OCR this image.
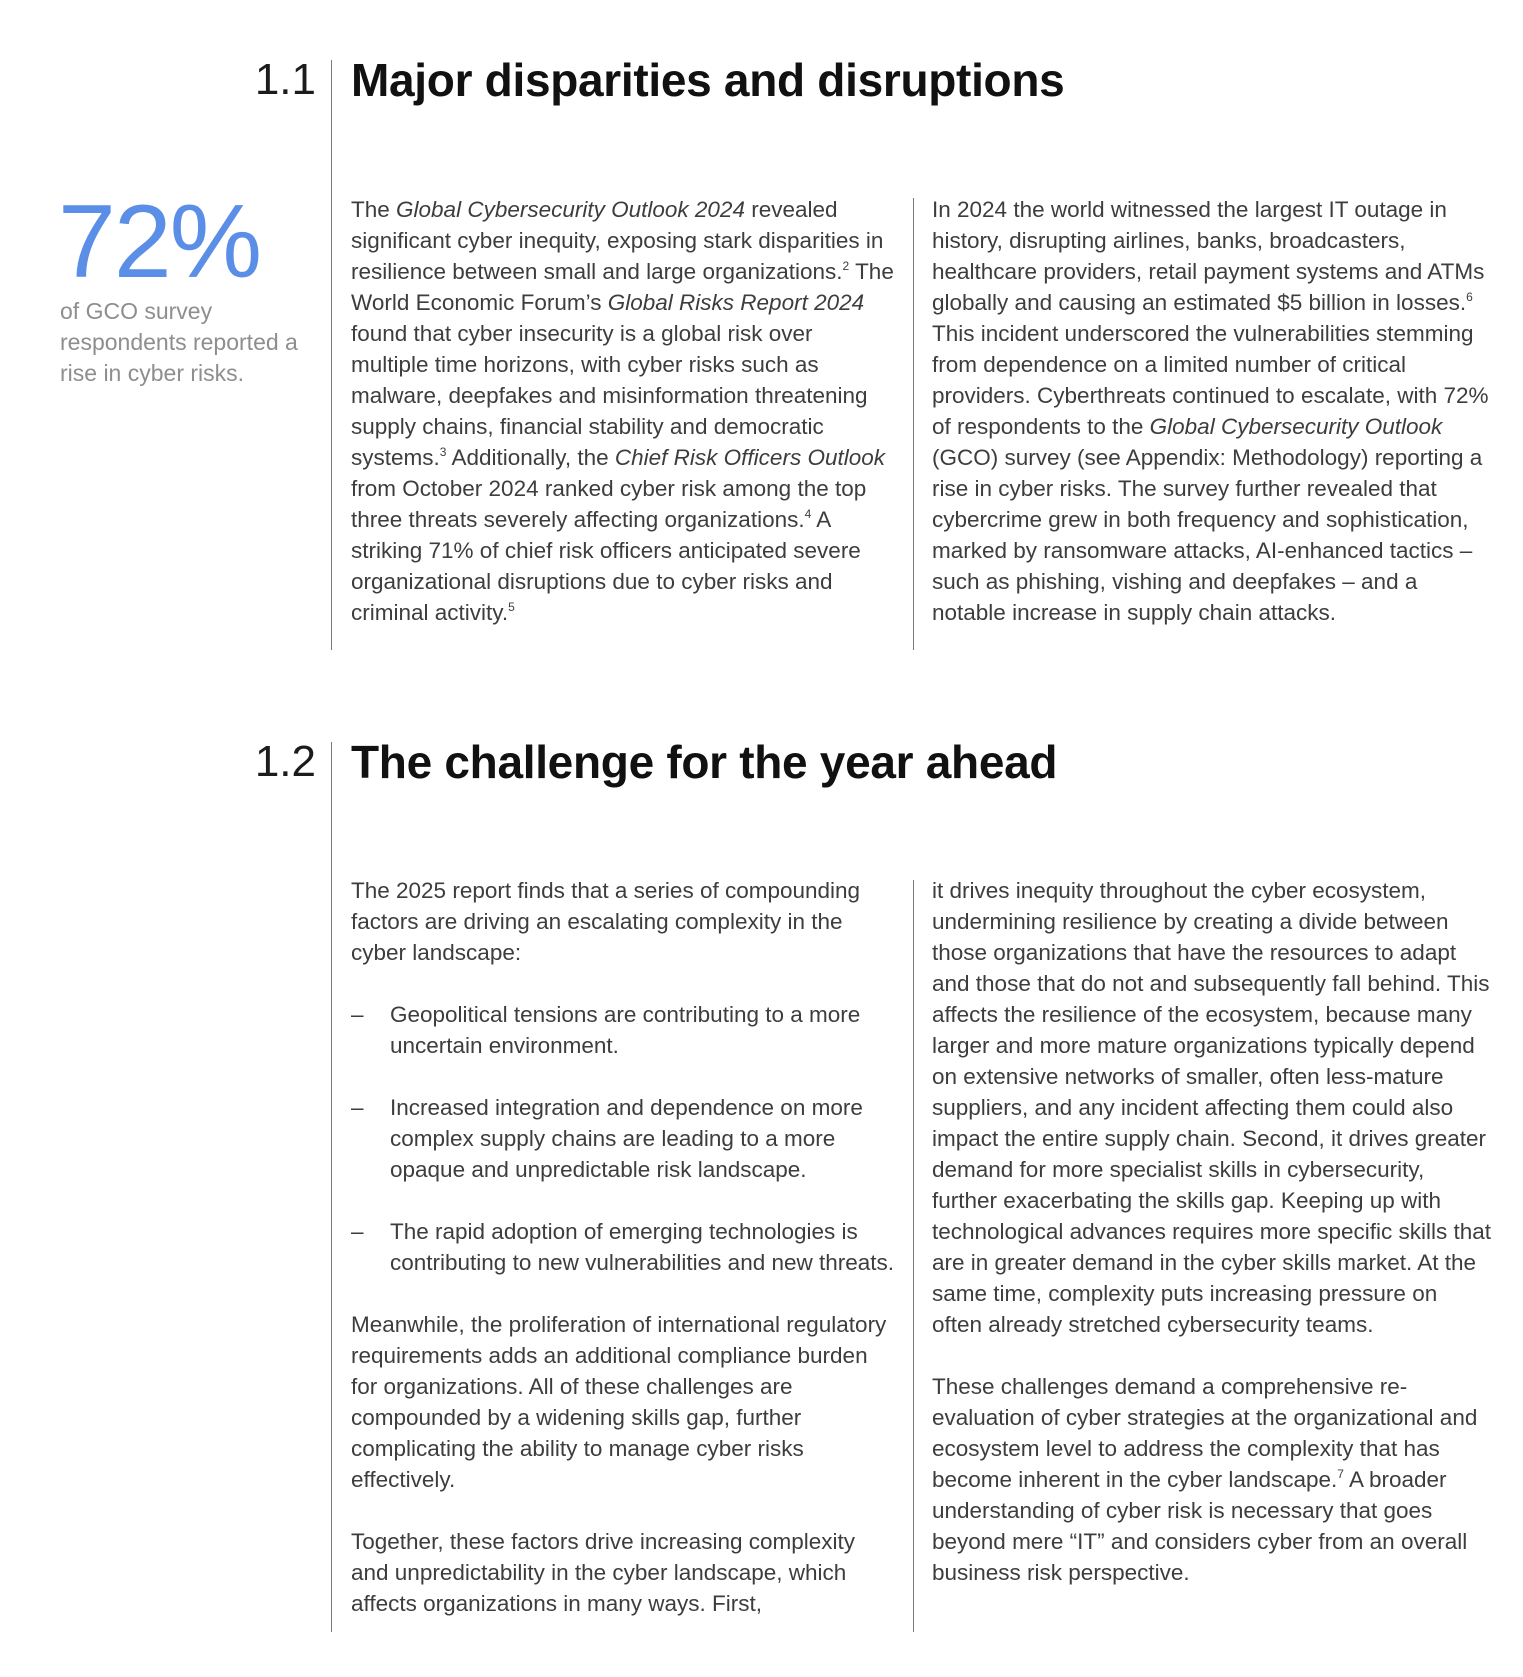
1.1 Major disparities and disruptions
72%
of GCO survey respondents reported a rise in cyber risks.

The Global Cybersecurity Outlook 2024 revealed significant cyber inequity, exposing stark disparities in resilience between small and large organizations.$^2$ The World Economic Forum’s Global Risks Report 2024 found that cyber insecurity is a global risk over multiple time horizons, with cyber risks such as malware, deepfakes and misinformation threatening supply chains, financial stability and democratic systems.$^3$ Additionally, the Chief Risk Officers Outlook from October 2024 ranked cyber risk among the top three threats severely affecting organizations.$^4$ A striking 71% of chief risk officers anticipated severe organizational disruptions due to cyber risks and criminal activity.$^5$

In 2024 the world witnessed the largest IT outage in history, disrupting airlines, banks, broadcasters, healthcare providers, retail payment systems and ATMs globally and causing an estimated $5 billion in losses.$^6$ This incident underscored the vulnerabilities stemming from dependence on a limited number of critical providers. Cyberthreats continued to escalate, with 72% of respondents to the Global Cybersecurity Outlook (GCO) survey (see Appendix: Methodology) reporting a rise in cyber risks. The survey further revealed that cybercrime grew in both frequency and sophistication, marked by ransomware attacks, AI-enhanced tactics – such as phishing, vishing and deepfakes – and a notable increase in supply chain attacks.

1.2 The challenge for the year ahead

The 2025 report finds that a series of compounding factors are driving an escalating complexity in the cyber landscape:

– Geopolitical tensions are contributing to a more uncertain environment.
– Increased integration and dependence on more complex supply chains are leading to a more opaque and unpredictable risk landscape.
– The rapid adoption of emerging technologies is contributing to new vulnerabilities and new threats.

Meanwhile, the proliferation of international regulatory requirements adds an additional compliance burden for organizations. All of these challenges are compounded by a widening skills gap, further complicating the ability to manage cyber risks effectively.

Together, these factors drive increasing complexity and unpredictability in the cyber landscape, which affects organizations in many ways. First,

it drives inequity throughout the cyber ecosystem, undermining resilience by creating a divide between those organizations that have the resources to adapt and those that do not and subsequently fall behind. This affects the resilience of the ecosystem, because many larger and more mature organizations typically depend on extensive networks of smaller, often less-mature suppliers, and any incident affecting them could also impact the entire supply chain. Second, it drives greater demand for more specialist skills in cybersecurity, further exacerbating the skills gap. Keeping up with technological advances requires more specific skills that are in greater demand in the cyber skills market. At the same time, complexity puts increasing pressure on often already stretched cybersecurity teams.

These challenges demand a comprehensive re-evaluation of cyber strategies at the organizational and ecosystem level to address the complexity that has become inherent in the cyber landscape.$^7$ A broader understanding of cyber risk is necessary that goes beyond mere “IT” and considers cyber from an overall business risk perspective.
